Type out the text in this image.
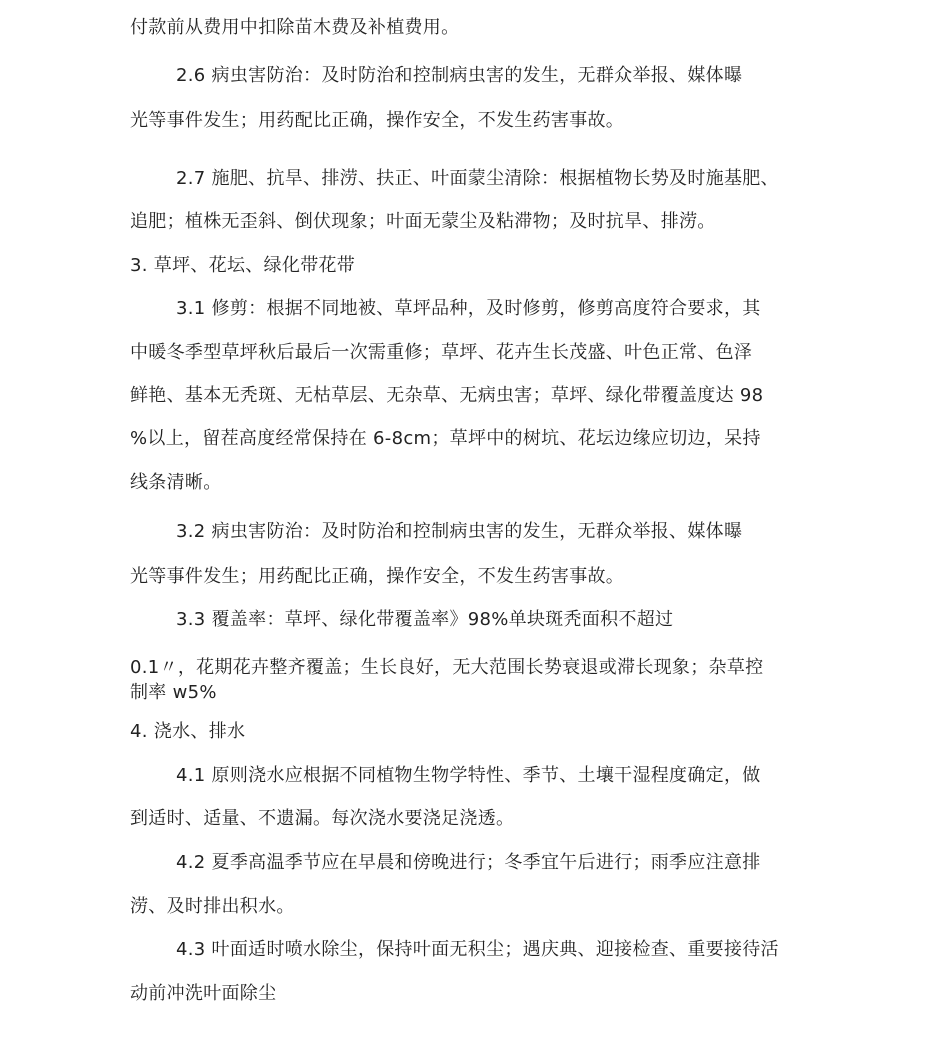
付款前从费用中扣除苗木费及补植费用。
2.6 病虫害防治：及时防治和控制病虫害的发生，无群众举报、媒体曝
光等事件发生；用药配比正确，操作安全，不发生药害事故。
2.7 施肥、抗旱、排涝、扶正、叶面蒙尘清除：根据植物长势及时施基肥、
追肥；植株无歪斜、倒伏现象；叶面无蒙尘及粘滞物；及时抗旱、排涝。
3. 草坪、花坛、绿化带花带
3.1 修剪：根据不同地被、草坪品种，及时修剪，修剪高度符合要求，其
中暖冬季型草坪秋后最后一次需重修；草坪、花卉生长茂盛、叶色正常、色泽
鲜艳、基本无秃斑、无枯草层、无杂草、无病虫害；草坪、绿化带覆盖度达 98
%以上，留茬高度经常保持在 6-8cm；草坪中的树坑、花坛边缘应切边，呆持
线条清晰。
3.2 病虫害防治：及时防治和控制病虫害的发生，无群众举报、媒体曝
光等事件发生；用药配比正确，操作安全，不发生药害事故。
3.3 覆盖率：草坪、绿化带覆盖率》98%单块斑秃面积不超过
0.1〃，花期花卉整齐覆盖；生长良好，无大范围长势衰退或滞长现象；杂草控
制率 w5%
4. 浇水、排水
4.1 原则浇水应根据不同植物生物学特性、季节、土壤干湿程度确定，做
到适时、适量、不遗漏。每次浇水要浇足浇透。
4.2 夏季高温季节应在早晨和傍晚进行；冬季宜午后进行；雨季应注意排
涝、及时排出积水。
4.3 叶面适时喷水除尘，保持叶面无积尘；遇庆典、迎接检查、重要接待活
动前冲洗叶面除尘
